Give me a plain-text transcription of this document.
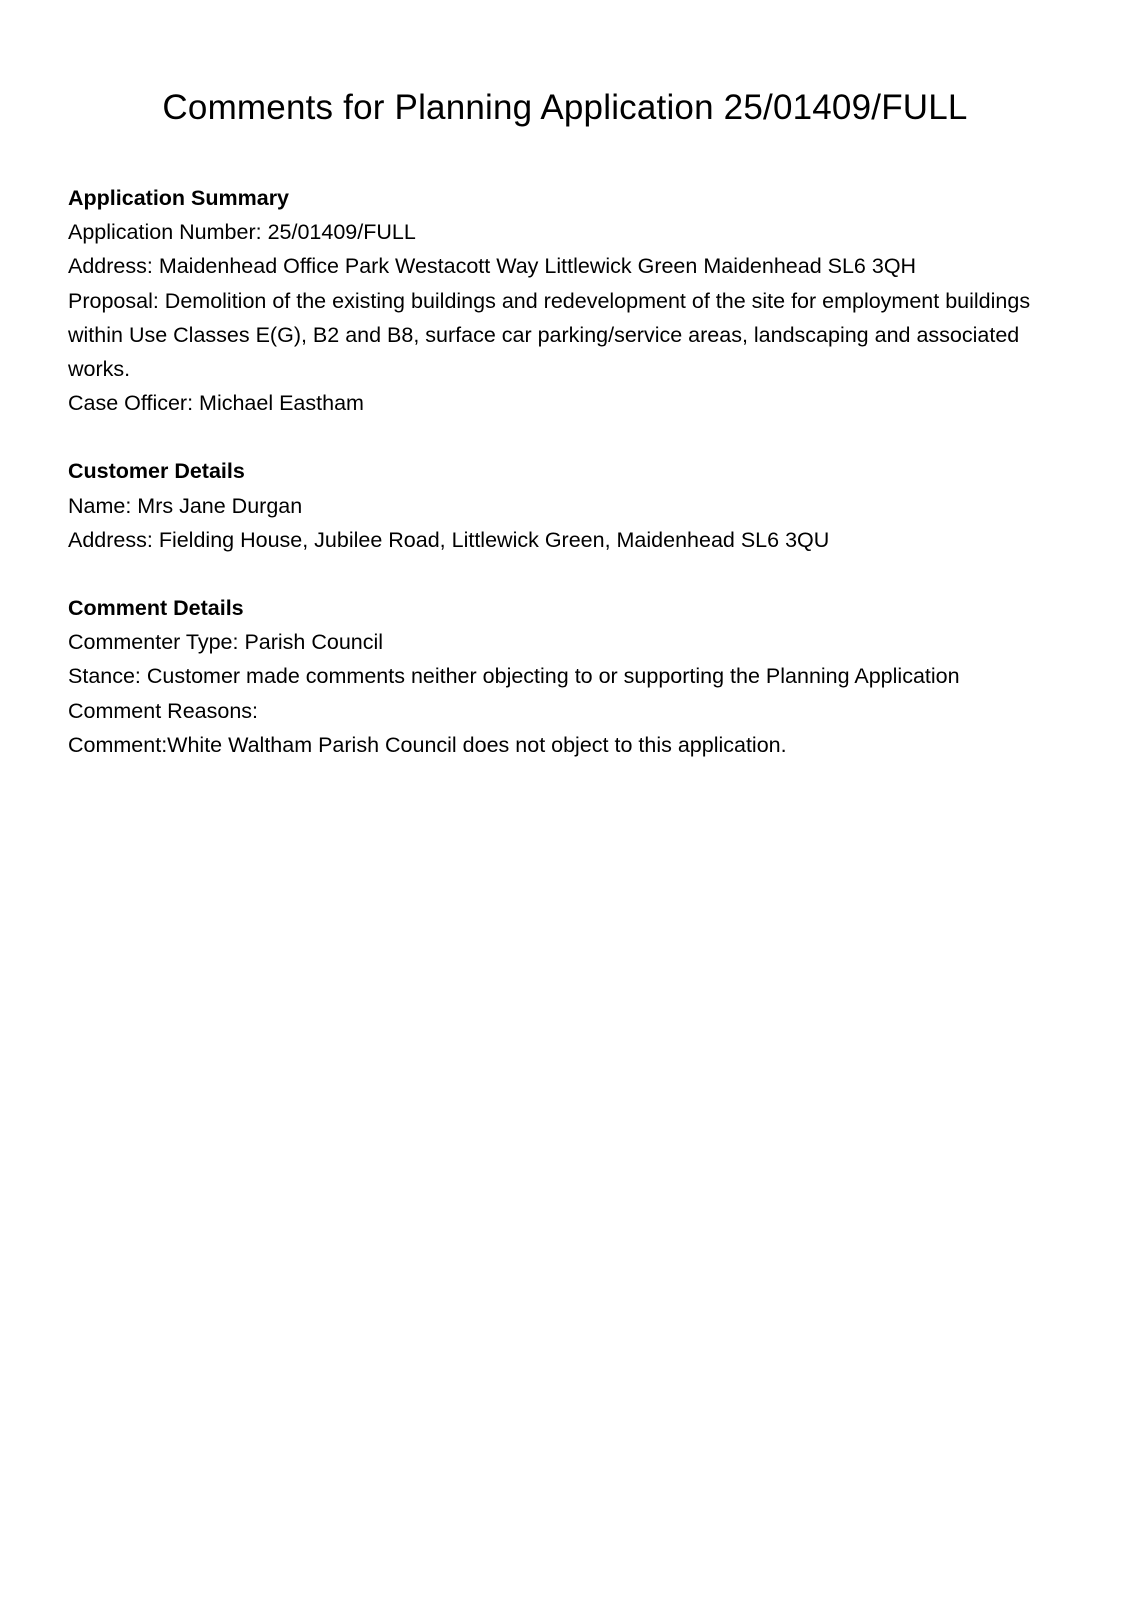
Comments for Planning Application 25/01409/FULL

Application Summary

Application Number: 25/01409/FULL

Address: Maidenhead Office Park Westacott Way Littlewick Green Maidenhead SL6 3QH

Proposal: Demolition of the existing buildings and redevelopment of the site for employment buildings within Use Classes E(G), B2 and B8, surface car parking/service areas, landscaping and associated works.

Case Officer: Michael Eastham

Customer Details

Name: Mrs Jane Durgan

Address: Fielding House, Jubilee Road, Littlewick Green, Maidenhead SL6 3QU

Comment Details

Commenter Type: Parish Council

Stance: Customer made comments neither objecting to or supporting the Planning Application

Comment Reasons:

Comment:White Waltham Parish Council does not object to this application.
